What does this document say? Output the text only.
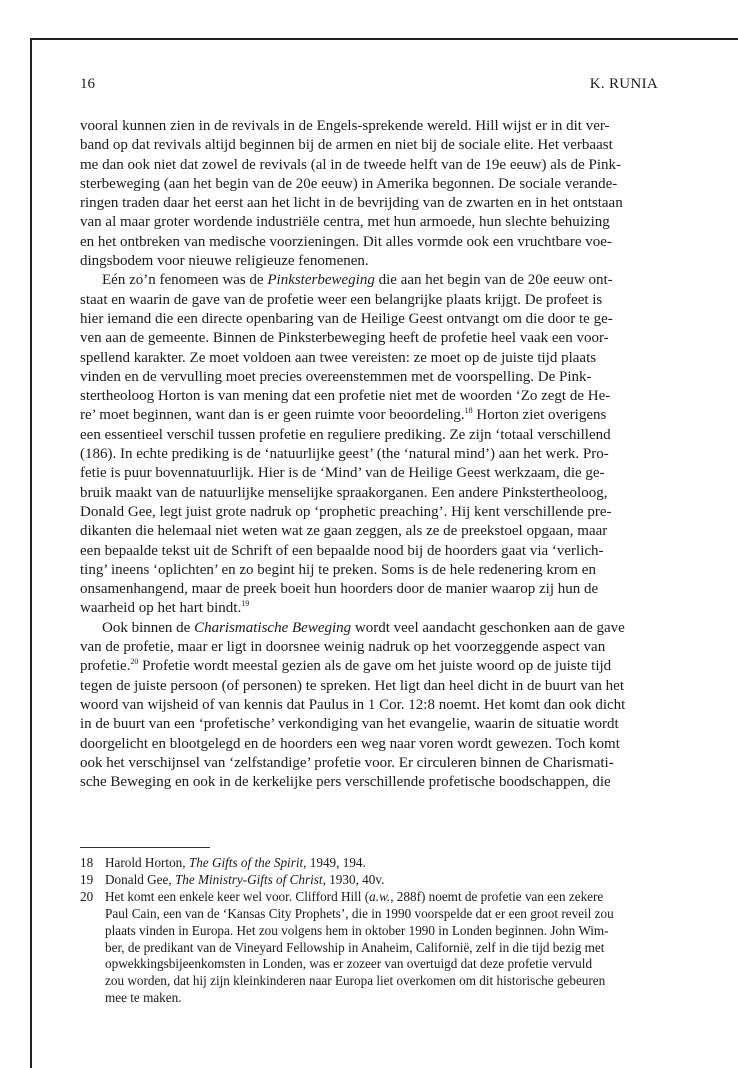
16	K. RUNIA
vooral kunnen zien in de revivals in de Engels-sprekende wereld. Hill wijst er in dit ver-
band op dat revivals altijd beginnen bij de armen en niet bij de sociale elite. Het verbaast
me dan ook niet dat zowel de revivals (al in de tweede helft van de 19e eeuw) als de Pink-
sterbeweging (aan het begin van de 20e eeuw) in Amerika begonnen. De sociale verande-
ringen traden daar het eerst aan het licht in de bevrijding van de zwarten en in het ontstaan
van al maar groter wordende industriële centra, met hun armoede, hun slechte behuizing
en het ontbreken van medische voorzieningen. Dit alles vormde ook een vruchtbare voe-
dingsbodem voor nieuwe religieuze fenomenen.
Eén zo’n fenomeen was de Pinksterbeweging die aan het begin van de 20e eeuw ont-
staat en waarin de gave van de profetie weer een belangrijke plaats krijgt. De profeet is
hier iemand die een directe openbaring van de Heilige Geest ontvangt om die door te ge-
ven aan de gemeente. Binnen de Pinksterbeweging heeft de profetie heel vaak een voor-
spellend karakter. Ze moet voldoen aan twee vereisten: ze moet op de juiste tijd plaats
vinden en de vervulling moet precies overeenstemmen met de voorspelling. De Pink-
stertheoloog Horton is van mening dat een profetie niet met de woorden ‘Zo zegt de He-
re’ moet beginnen, want dan is er geen ruimte voor beoordeling.$^{18}$ Horton ziet overigens
een essentieel verschil tussen profetie en reguliere prediking. Ze zijn ‘totaal verschillend
(186). In echte prediking is de ‘natuurlijke geest’ (the ‘natural mind’) aan het werk. Pro-
fetie is puur bovennatuurlijk. Hier is de ‘Mind’ van de Heilige Geest werkzaam, die ge-
bruik maakt van de natuurlijke menselijke spraakorganen. Een andere Pinkstertheoloog,
Donald Gee, legt juist grote nadruk op ‘prophetic preaching’. Hij kent verschillende pre-
dikanten die helemaal niet weten wat ze gaan zeggen, als ze de preekstoel opgaan, maar
een bepaalde tekst uit de Schrift of een bepaalde nood bij de hoorders gaat via ‘verlich-
ting’ ineens ‘oplichten’ en zo begint hij te preken. Soms is de hele redenering krom en
onsamenhangend, maar de preek boeit hun hoorders door de manier waarop zij hun de
waarheid op het hart bindt.$^{19}$
Ook binnen de Charismatische Beweging wordt veel aandacht geschonken aan de gave
van de profetie, maar er ligt in doorsnee weinig nadruk op het voorzeggende aspect van
profetie.$^{20}$ Profetie wordt meestal gezien als de gave om het juiste woord op de juiste tijd
tegen de juiste persoon (of personen) te spreken. Het ligt dan heel dicht in de buurt van het
woord van wijsheid of van kennis dat Paulus in 1 Cor. 12:8 noemt. Het komt dan ook dicht
in de buurt van een ‘profetische’ verkondiging van het evangelie, waarin de situatie wordt
doorgelicht en blootgelegd en de hoorders een weg naar voren wordt gewezen. Toch komt
ook het verschijnsel van ‘zelfstandige’ profetie voor. Er circuleren binnen de Charismati-
sche Beweging en ook in de kerkelijke pers verschillende profetische boodschappen, die
18 Harold Horton, The Gifts of the Spirit, 1949, 194.
19 Donald Gee, The Ministry-Gifts of Christ, 1930, 40v.
20 Het komt een enkele keer wel voor. Clifford Hill (a.w., 288f) noemt de profetie van een zekere
Paul Cain, een van de ‘Kansas City Prophets’, die in 1990 voorspelde dat er een groot reveil zou
plaats vinden in Europa. Het zou volgens hem in oktober 1990 in Londen beginnen. John Wim-
ber, de predikant van de Vineyard Fellowship in Anaheim, Californië, zelf in die tijd bezig met
opwekkingsbijeenkomsten in Londen, was er zozeer van overtuigd dat deze profetie vervuld
zou worden, dat hij zijn kleinkinderen naar Europa liet overkomen om dit historische gebeuren
mee te maken.
